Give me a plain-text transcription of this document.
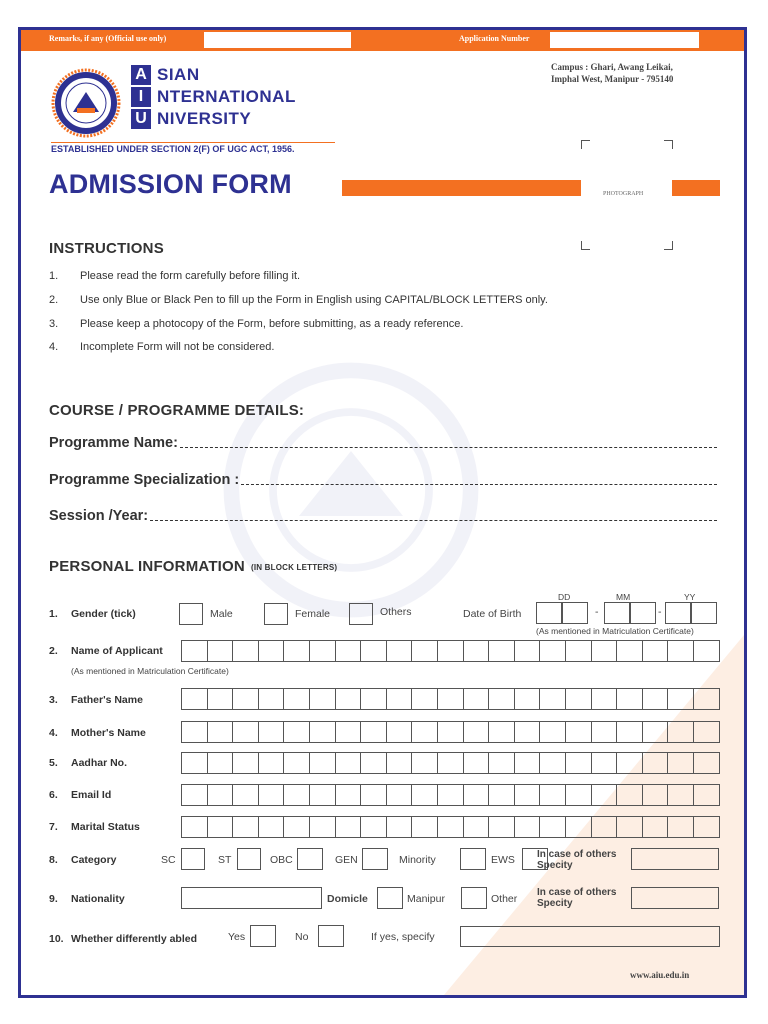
Remarks, if any (Official use only)	Application Number
Campus : Ghari, Awang Leikai,
Imphal West, Manipur - 795140
A SIAN
I NTERNATIONAL
U NIVERSITY
ESTABLISHED UNDER SECTION 2(F) OF UGC ACT, 1956.
ADMISSION FORM	PHOTOGRAPH
INSTRUCTIONS
1. Please read the form carefully before filling it.
2. Use only Blue or Black Pen to fill up the Form in English using CAPITAL/BLOCK LETTERS only.
3. Please keep a photocopy of the Form, before submitting, as a ready reference.
4. Incomplete Form will not be considered.
COURSE / PROGRAMME DETAILS:
Programme Name:
Programme Specialization :
Session /Year:
PERSONAL INFORMATION (IN BLOCK LETTERS)
1. Gender (tick)	Male	Female	Others
DD	MM	YY
Date of Birth	-	-
(As mentioned in Matriculation Certificate)
2. Name of Applicant
(As mentioned in Matriculation Certificate)
3. Father's Name
4. Mother's Name
5. Aadhar No.
6. Email Id
7. Marital Status
8. Category	SC	ST	OBC	GEN	Minority	EWS In case of others Specity
9. Nationality	Domicle	Manipur	Other
In case of others Specity
10. Whether differently abled	Yes	No	If yes, specify
www.aiu.edu.in
